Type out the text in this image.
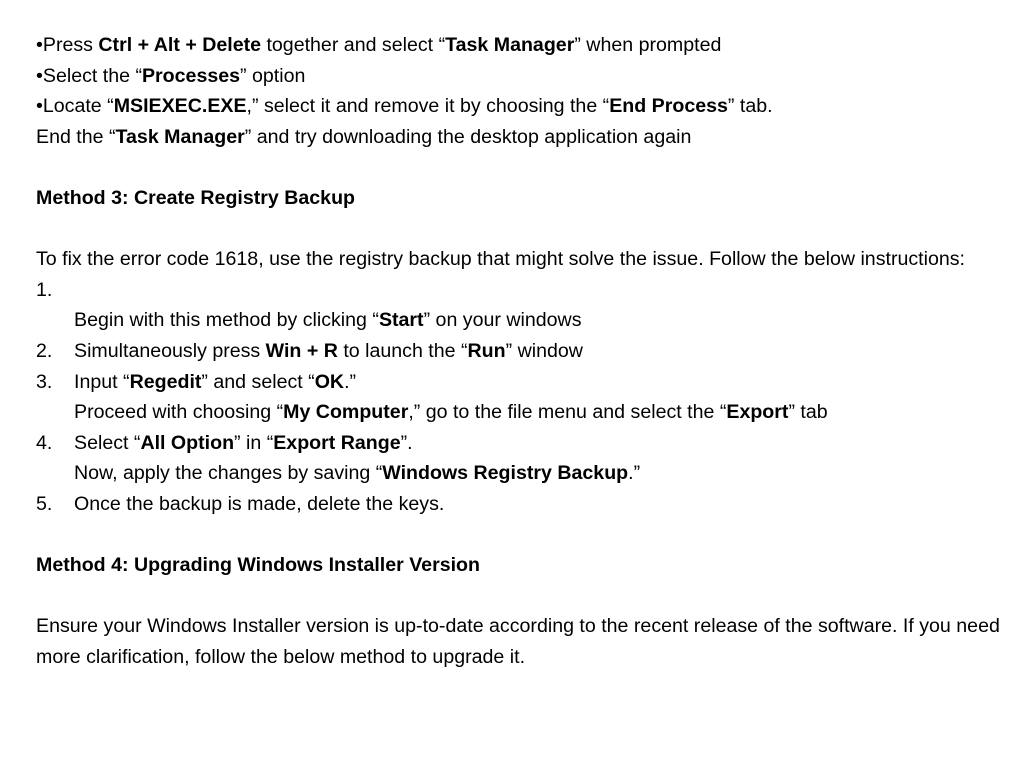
•Press Ctrl + Alt + Delete together and select “Task Manager” when prompted
•Select the “Processes” option
•Locate “MSIEXEC.EXE,” select it and remove it by choosing the “End Process” tab.
End the “Task Manager” and try downloading the desktop application again
Method 3: Create Registry Backup
To fix the error code 1618, use the registry backup that might solve the issue. Follow the below instructions:
1.
Begin with this method by clicking “Start” on your windows
2. Simultaneously press Win + R to launch the “Run” window
3. Input “Regedit” and select “OK.”
Proceed with choosing “My Computer,” go to the file menu and select the “Export” tab
4. Select “All Option” in “Export Range”.
Now, apply the changes by saving “Windows Registry Backup.”
5. Once the backup is made, delete the keys.
Method 4: Upgrading Windows Installer Version
Ensure your Windows Installer version is up-to-date according to the recent release of the software. If you need more clarification, follow the below method to upgrade it.
